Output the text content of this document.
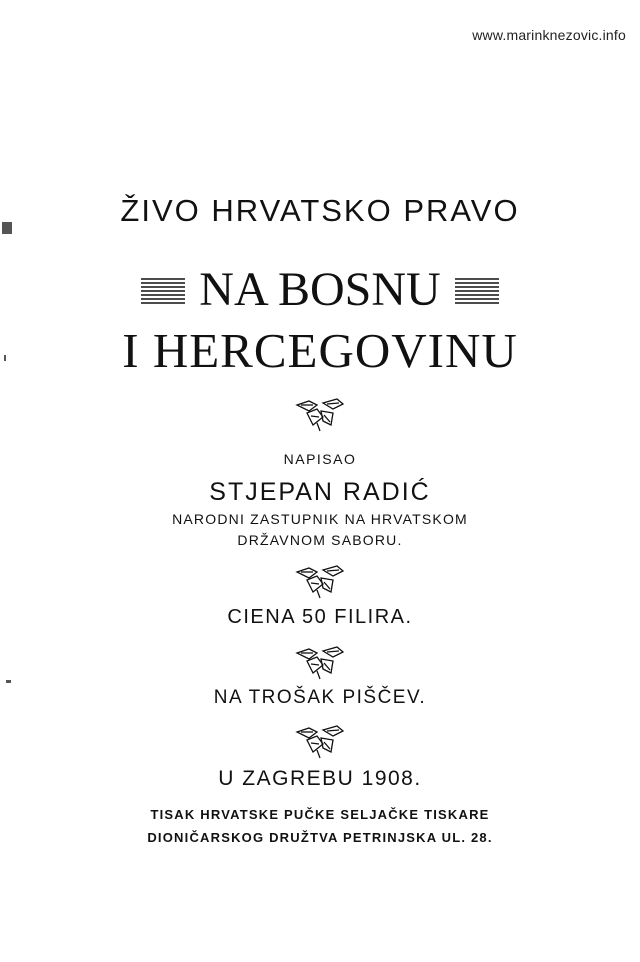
www.marinknezovic.info
ŽIVO HRVATSKO PRAVO
NA BOSNU
I HERCEGOVINU
NAPISAO
STJEPAN RADIĆ
NARODNI ZASTUPNIK NA HRVATSKOM
DRŽAVNOM SABORU.
CIENA 50 FILIRA.
NA TROŠAK PIŠČEV.
U ZAGREBU 1908.
TISAK HRVATSKE PUČKE SELJAČKE TISKARE
DIONIČARSKOG DRUŽTVA PETRINJSKA UL. 28.
